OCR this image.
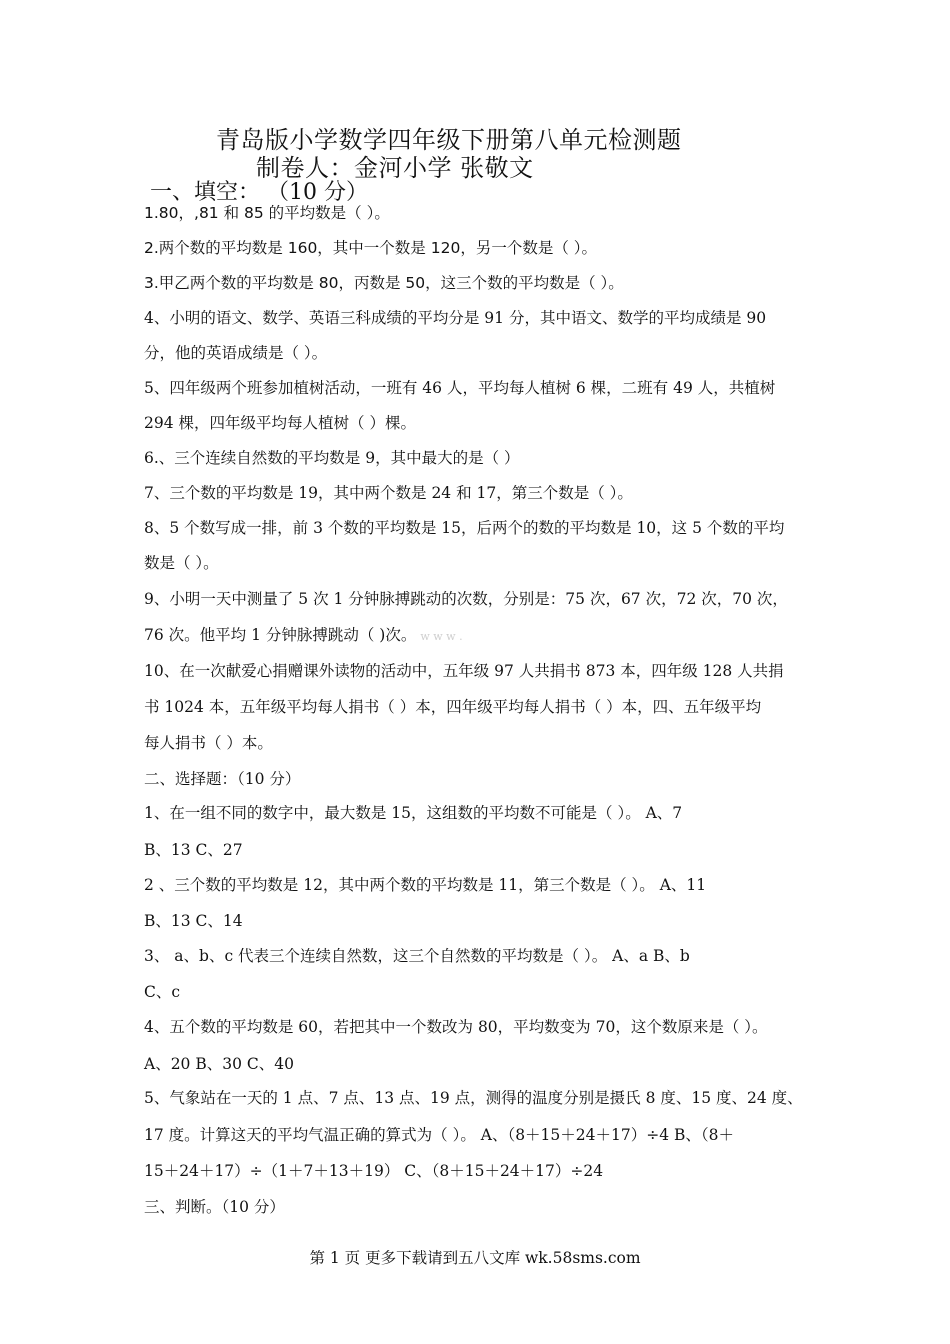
青岛版小学数学四年级下册第八单元检测题
制卷人：金河小学 张敬文
一、填空： （10 分）
1.80，,81 和 85 的平均数是（ ）。
2.两个数的平均数是 160，其中一个数是 120，另一个数是（ ）。
3.甲乙两个数的平均数是 80，丙数是 50，这三个数的平均数是（ ）。
4、小明的语文、数学、英语三科成绩的平均分是 91 分，其中语文、数学的平均成绩是 90
分，他的英语成绩是（ ）。
5、四年级两个班参加植树活动，一班有 46 人，平均每人植树 6 棵，二班有 49 人，共植树
294 棵，四年级平均每人植树（ ）棵。
6.、三个连续自然数的平均数是 9，其中最大的是（ ）
7、三个数的平均数是 19，其中两个数是 24 和 17，第三个数是（ ）。
8、5 个数写成一排，前 3 个数的平均数是 15，后两个的数的平均数是 10，这 5 个数的平均
数是（ ）。
9、小明一天中测量了 5 次 1 分钟脉搏跳动的次数，分别是：75 次，67 次，72 次，70 次，
76 次。他平均 1 分钟脉搏跳动（ )次。 w w w .
10、在一次献爱心捐赠课外读物的活动中，五年级 97 人共捐书 873 本，四年级 128 人共捐
书 1024 本，五年级平均每人捐书（ ）本，四年级平均每人捐书（ ）本，四、五年级平均
每人捐书（ ）本。
二、选择题：（10 分）
1、在一组不同的数字中，最大数是 15，这组数的平均数不可能是（ ）。 A、7
B、13 C、27
2 、三个数的平均数是 12，其中两个数的平均数是 11，第三个数是（ ）。 A、11
B、13 C、14
3、 a、b、c 代表三个连续自然数，这三个自然数的平均数是（ ）。 A、a B、b
C、c
4、五个数的平均数是 60，若把其中一个数改为 80，平均数变为 70，这个数原来是（ ）。
A、20 B、30 C、40
5、气象站在一天的 1 点、7 点、13 点、19 点，测得的温度分别是摄氏 8 度、15 度、24 度、
17 度。计算这天的平均气温正确的算式为（ ）。 A、（8＋15＋24＋17）÷4 B、（8＋
15＋24＋17）÷（1＋7＋13＋19） C、（8＋15＋24＋17）÷24
三、判断。（10 分）
第 1 页 更多下载请到五八文库 wk.58sms.com
